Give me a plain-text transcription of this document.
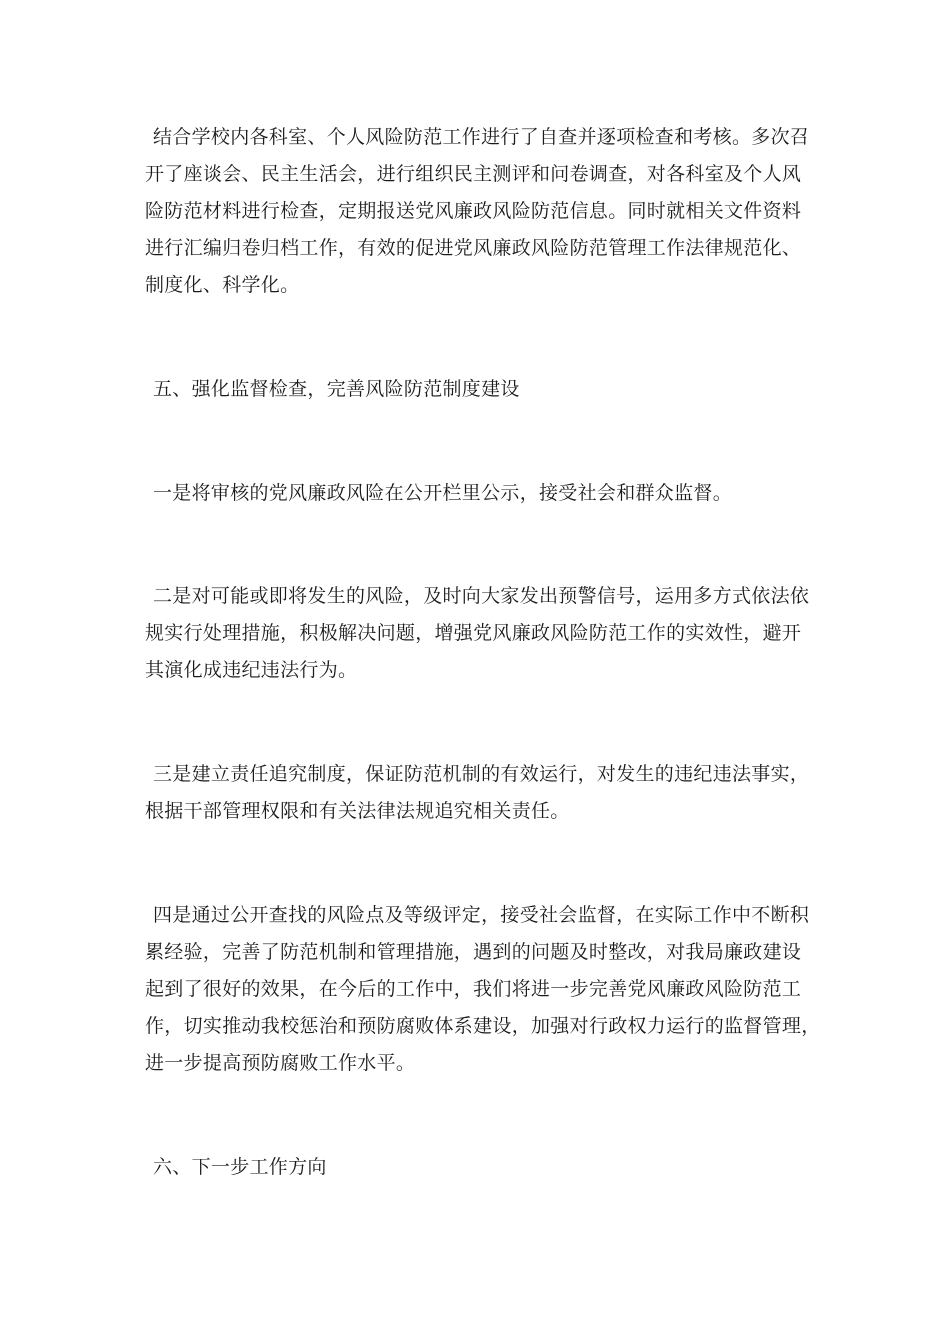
结合学校内各科室、个人风险防范工作进行了自查并逐项检查和考核。多次召
开了座谈会、民主生活会，进行组织民主测评和问卷调查，对各科室及个人风
险防范材料进行检查，定期报送党风廉政风险防范信息。同时就相关文件资料
进行汇编归卷归档工作，有效的促进党风廉政风险防范管理工作法律规范化、
制度化、科学化。

五、强化监督检查，完善风险防范制度建设

一是将审核的党风廉政风险在公开栏里公示，接受社会和群众监督。

二是对可能或即将发生的风险，及时向大家发出预警信号，运用多方式依法依
规实行处理措施，积极解决问题，增强党风廉政风险防范工作的实效性，避开
其演化成违纪违法行为。

三是建立责任追究制度，保证防范机制的有效运行，对发生的违纪违法事实，
根据干部管理权限和有关法律法规追究相关责任。

四是通过公开查找的风险点及等级评定，接受社会监督，在实际工作中不断积
累经验，完善了防范机制和管理措施，遇到的问题及时整改，对我局廉政建设
起到了很好的效果，在今后的工作中，我们将进一步完善党风廉政风险防范工
作，切实推动我校惩治和预防腐败体系建设，加强对行政权力运行的监督管理，
进一步提高预防腐败工作水平。

六、下一步工作方向
